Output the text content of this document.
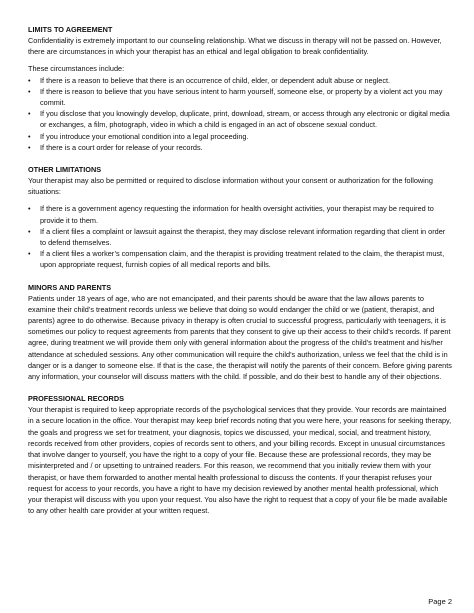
LIMITS TO AGREEMENT

Confidentiality is extremely important to our counseling relationship. What we discuss in therapy will not be passed on. However, there are circumstances in which your therapist has an ethical and legal obligation to break confidentiality.

These circumstances include:

• If there is a reason to believe that there is an occurrence of child, elder, or dependent adult abuse or neglect.
• If there is reason to believe that you have serious intent to harm yourself, someone else, or property by a violent act you may commit.
• If you disclose that you knowingly develop, duplicate, print, download, stream, or access through any electronic or digital media or exchanges, a film, photograph, video in which a child is engaged in an act of obscene sexual conduct.
• If you introduce your emotional condition into a legal proceeding.
• If there is a court order for release of your records.
OTHER LIMITATIONS

Your therapist may also be permitted or required to disclose information without your consent or authorization for the following situations:

• If there is a government agency requesting the information for health oversight activities, your therapist may be required to provide it to them.
• If a client files a complaint or lawsuit against the therapist, they may disclose relevant information regarding that client in order to defend themselves.
• If a client files a worker’s compensation claim, and the therapist is providing treatment related to the claim, the therapist must, upon appropriate request, furnish copies of all medical reports and bills.
MINORS AND PARENTS

Patients under 18 years of age, who are not emancipated, and their parents should be aware that the law allows parents to examine their child’s treatment records unless we believe that doing so would endanger the child or we (patient, therapist, and parents) agree to do otherwise. Because privacy in therapy is often crucial to successful progress, particularly with teenagers, it is sometimes our policy to request agreements from parents that they consent to give up their access to their child’s records. If parent agree, during treatment we will provide them only with general information about the progress of the child’s treatment and his/her attendance at scheduled sessions. Any other communication will require the child’s authorization, unless we feel that the child is in danger or is a danger to someone else. If that is the case, the therapist will notify the parents of their concern. Before giving parents any information, your counselor will discuss matters with the child. If possible, and do their best to handle any of their objections.

PROFESSIONAL RECORDS

Your therapist is required to keep appropriate records of the psychological services that they provide. Your records are maintained in a secure location in the office. Your therapist may keep brief records noting that you were here, your reasons for seeking therapy, the goals and progress we set for treatment, your diagnosis, topics we discussed, your medical, social, and treatment history, records received from other providers, copies of records sent to others, and your billing records. Except in unusual circumstances that involve danger to yourself, you have the right to a copy of your file. Because these are professional records, they may be misinterpreted and / or upsetting to untrained readers. For this reason, we recommend that you initially review them with your therapist, or have them forwarded to another mental health professional to discuss the contents. If your therapist refuses your request for access to your records, you have a right to have my decision reviewed by another mental health professional, which your therapist will discuss with you upon your request. You also have the right to request that a copy of your file be made available to any other health care provider at your written request.

Page 2
